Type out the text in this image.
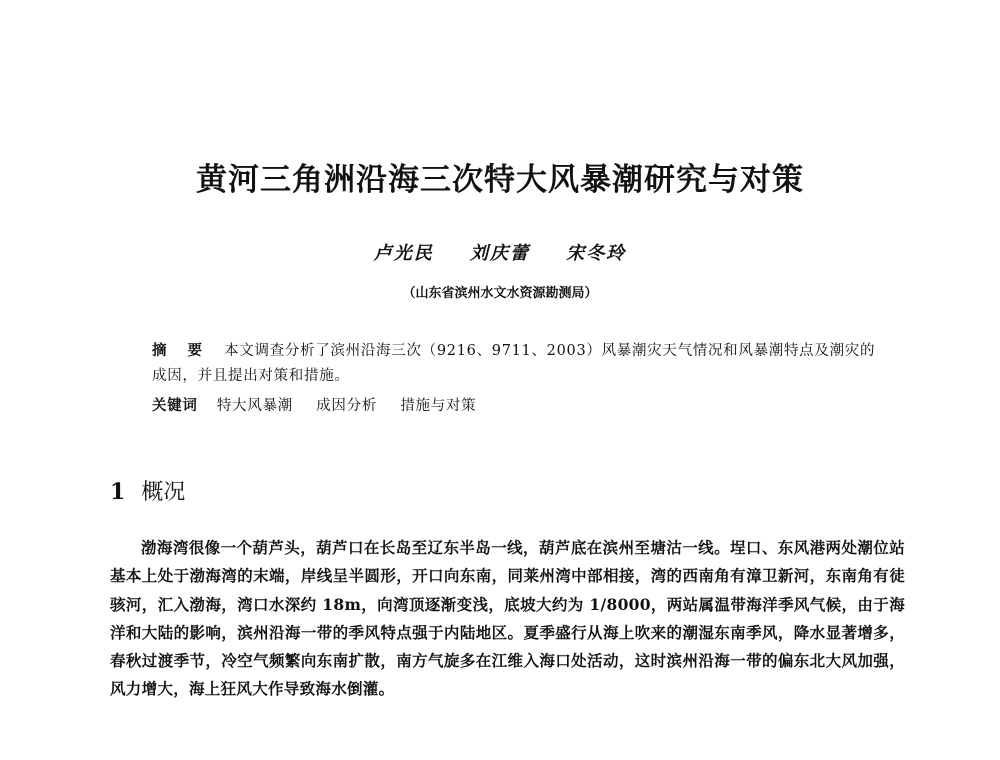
黄河三角洲沿海三次特大风暴潮研究与对策
卢光民 刘庆蕾 宋冬玲
（山东省滨州水文水资源勘测局）
摘 要 本文调查分析了滨州沿海三次（9216、9711、2003）风暴潮灾天气情况和风暴潮特点及潮灾的成因，并且提出对策和措施。
关键词 特大风暴潮 成因分析 措施与对策
1 概况
渤海湾很像一个葫芦头，葫芦口在长岛至辽东半岛一线，葫芦底在滨州至塘沽一线。埕口、东风港两处潮位站基本上处于渤海湾的末端，岸线呈半圆形，开口向东南，同莱州湾中部相接，湾的西南角有漳卫新河，东南角有徒骇河，汇入渤海，湾口水深约 18m，向湾顶逐渐变浅，底坡大约为 1/8000，两站属温带海洋季风气候，由于海洋和大陆的影响，滨州沿海一带的季风特点强于内陆地区。夏季盛行从海上吹来的潮湿东南季风，降水显著增多，春秋过渡季节，冷空气频繁向东南扩散，南方气旋多在江维入海口处活动，这时滨州沿海一带的偏东北大风加强，风力增大，海上狂风大作导致海水倒灌。
